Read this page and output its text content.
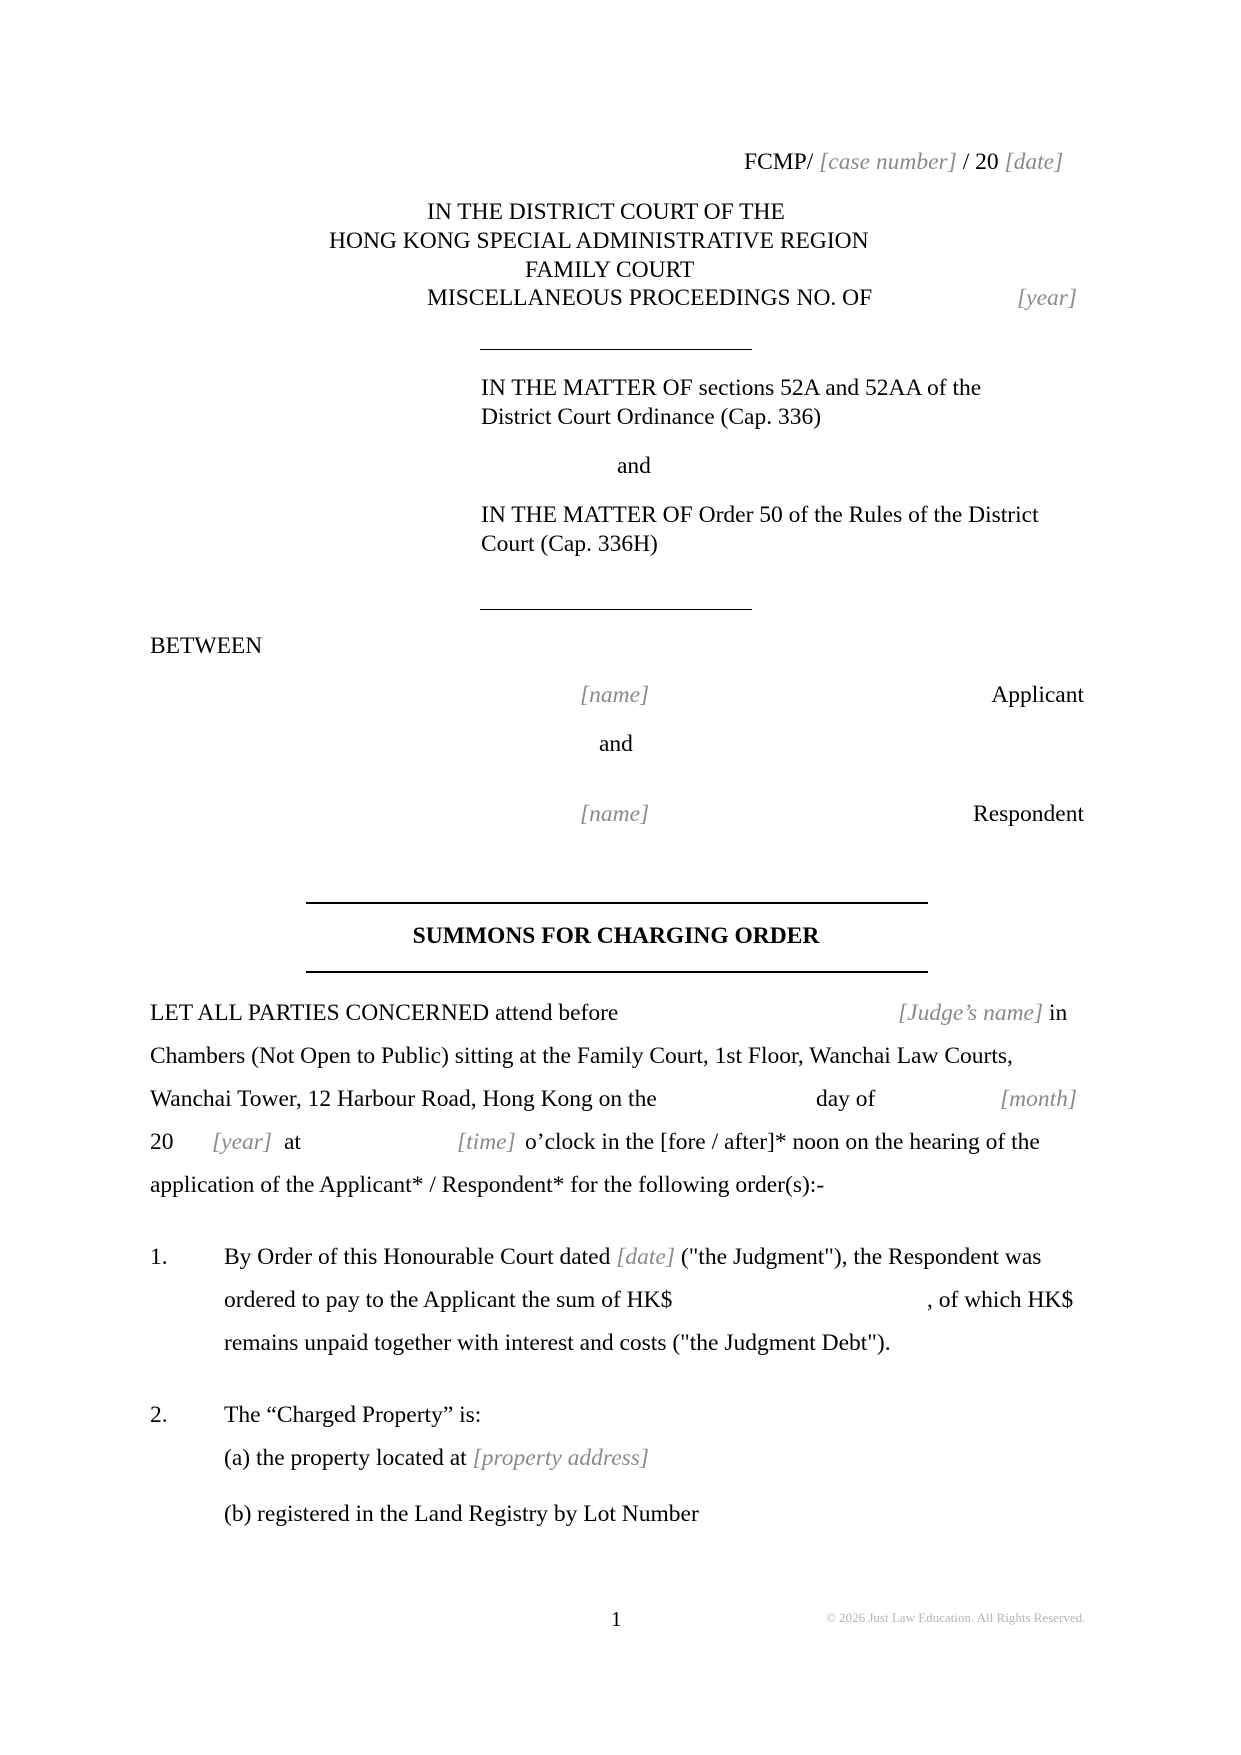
FCMP/ [case number] / 20 [date]
IN THE DISTRICT COURT OF THE
HONG KONG SPECIAL ADMINISTRATIVE REGION
FAMILY COURT
MISCELLANEOUS PROCEEDINGS NO. OF	[year]
IN THE MATTER OF sections 52A and 52AA of the
District Court Ordinance (Cap. 336)
and
IN THE MATTER OF Order 50 of the Rules of the District
Court (Cap. 336H)
BETWEEN
[name]	Applicant
and
[name]	Respondent
SUMMONS FOR CHARGING ORDER
LET ALL PARTIES CONCERNED attend before	[Judge’s name] in
Chambers (Not Open to Public) sitting at the Family Court, 1st Floor, Wanchai Law Courts,
Wanchai Tower, 12 Harbour Road, Hong Kong on the	day of	[month]
20 [year] at	[time] o’clock in the [fore / after]* noon on the hearing of the
application of the Applicant* / Respondent* for the following order(s):-
1. By Order of this Honourable Court dated [date] ("the Judgment"), the Respondent was
ordered to pay to the Applicant the sum of HK$	, of which HK$
remains unpaid together with interest and costs ("the Judgment Debt").
2. The “Charged Property” is:
(a) the property located at [property address]
(b) registered in the Land Registry by Lot Number
1	© 2026 Just Law Education. All Rights Reserved.
